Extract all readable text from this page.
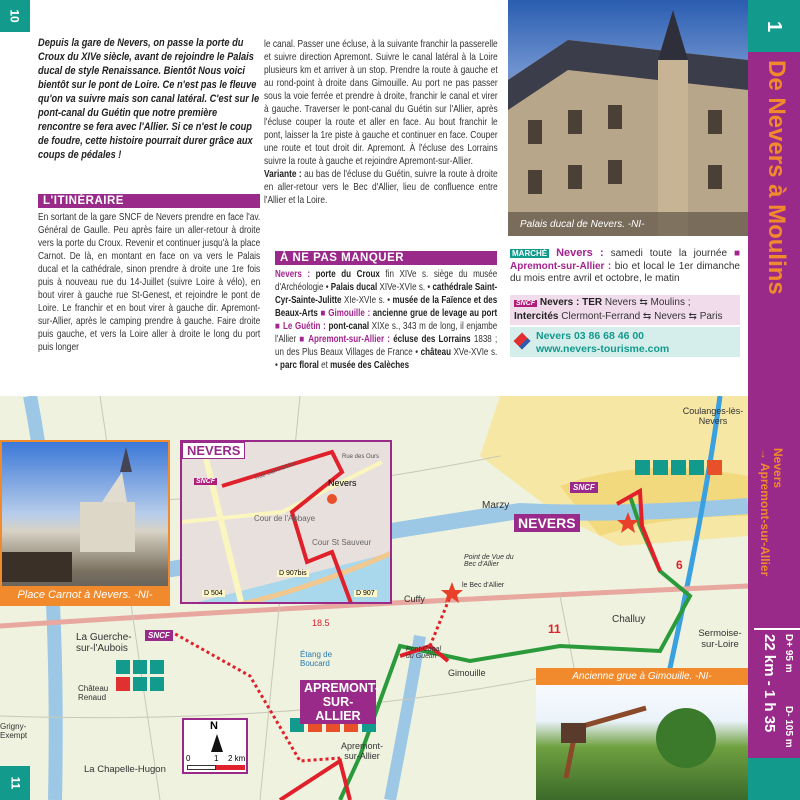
10

Depuis la gare de Nevers, on passe la porte du Croux du XIVe siècle, avant de rejoindre le Palais ducal de style Renaissance. Bientôt Nous voici bientôt sur le pont de Loire. Ce n'est pas le fleuve qu'on va suivre mais son canal latéral. C'est sur le pont-canal du Guétin que notre première rencontre se fera avec l'Allier. Si ce n'est le coup de foudre, cette histoire pourrait durer grâce aux coups de pédales !

L'ITINÉRAIRE

En sortant de la gare SNCF de Nevers prendre en face l'av. Général de Gaulle. Peu après faire un aller-retour à droite vers la porte du Croux. Revenir et continuer jusqu'à la place Carnot. De là, en montant en face on va vers le Palais ducal et la cathédrale, sinon prendre à droite une 1re fois puis à nouveau rue du 14-Juillet (suivre Loire à vélo), en bout virer à gauche rue St-Genest, et rejoindre le pont de Loire. Le franchir et en bout virer à gauche dir. Apremont-sur-Allier, après le camping prendre à gauche. Faire droite puis gauche, et vers la Loire aller à droite le long du port puis longer

le canal. Passer une écluse, à la suivante franchir la passerelle et suivre direction Apremont. Suivre le canal latéral à la Loire plusieurs km et arriver à un stop. Prendre la route à gauche et au rond-point à droite dans Gimouille. Au port ne pas passer sous la voie ferrée et prendre à droite, franchir le canal et virer à gauche. Traverser le pont-canal du Guétin sur l'Allier, après l'écluse couper la route et aller en face. Au bout franchir le pont, laisser la 1re piste à gauche et continuer en face. Couper une route et tout droit dir. Apremont. À l'écluse des Lorrains suivre la route à gauche et rejoindre Apremont-sur-Allier.

Variante : au bas de l'écluse du Guétin, suivre la route à droite en aller-retour vers le Bec d'Allier, lieu de confluence entre l'Allier et la Loire.

À NE PAS MANQUER

Nevers : porte du Croux fin XIVe s. siège du musée d'Archéologie • Palais ducal XIVe-XVIe s. • cathédrale Saint-Cyr-Sainte-Julitte XIe-XVIe s. • musée de la Faïence et des Beaux-Arts ■ Gimouille : ancienne grue de levage au port ■ Le Guétin : pont-canal XIXe s., 343 m de long, il enjambe l'Allier ■ Apremont-sur-Allier : écluse des Lorrains 1838 ; un des Plus Beaux Villages de France • château XVe-XVIe s. • parc floral et musée des Calèches

Palais ducal de Nevers. -NI-
MARCHÉ Nevers : samedi toute la journée ■ Apremont-sur-Allier : bio et local le 1er dimanche du mois entre avril et octobre, le matin
SNCF Nevers : TER Nevers ⇆ Moulins ; Intercités Clermont-Ferrand ⇆ Nevers ⇆ Paris
Nevers 03 86 68 46 00
www.nevers-tourisme.com
1
De Nevers à Moulins
Nevers
→ Apremont-sur-Allier
22 km - 1 h 35 D+ 95 m
D- 105 m
Place Carnot à Nevers. -NI-
NEVERS
Nevers
Cour de l'Abbaye
Cour St Sauveur
D 907bis
D 504	D 907
Rue Saint-Didier
Rue des Ours
SNCF
Ancienne grue à Gimouille. -NI-
N
0	1 2 km
NEVERS
APREMONT-SUR-ALLIER
La Guerche-sur-l'Aubois
Château Renaud
La Chapelle-Hugon
Grigny-Exempt
Apremont-sur-Allier
Étang de Boucard
Marzy
Coulanges-lès-Nevers
Sermoise-sur-Loire
Challuy
Gimouille
Cuffy
Pont-Canal du Guétin
Point de Vue du Bec d'Allier
le Bec d'Allier
11
6
18.5
SNCF
SNCF
11
